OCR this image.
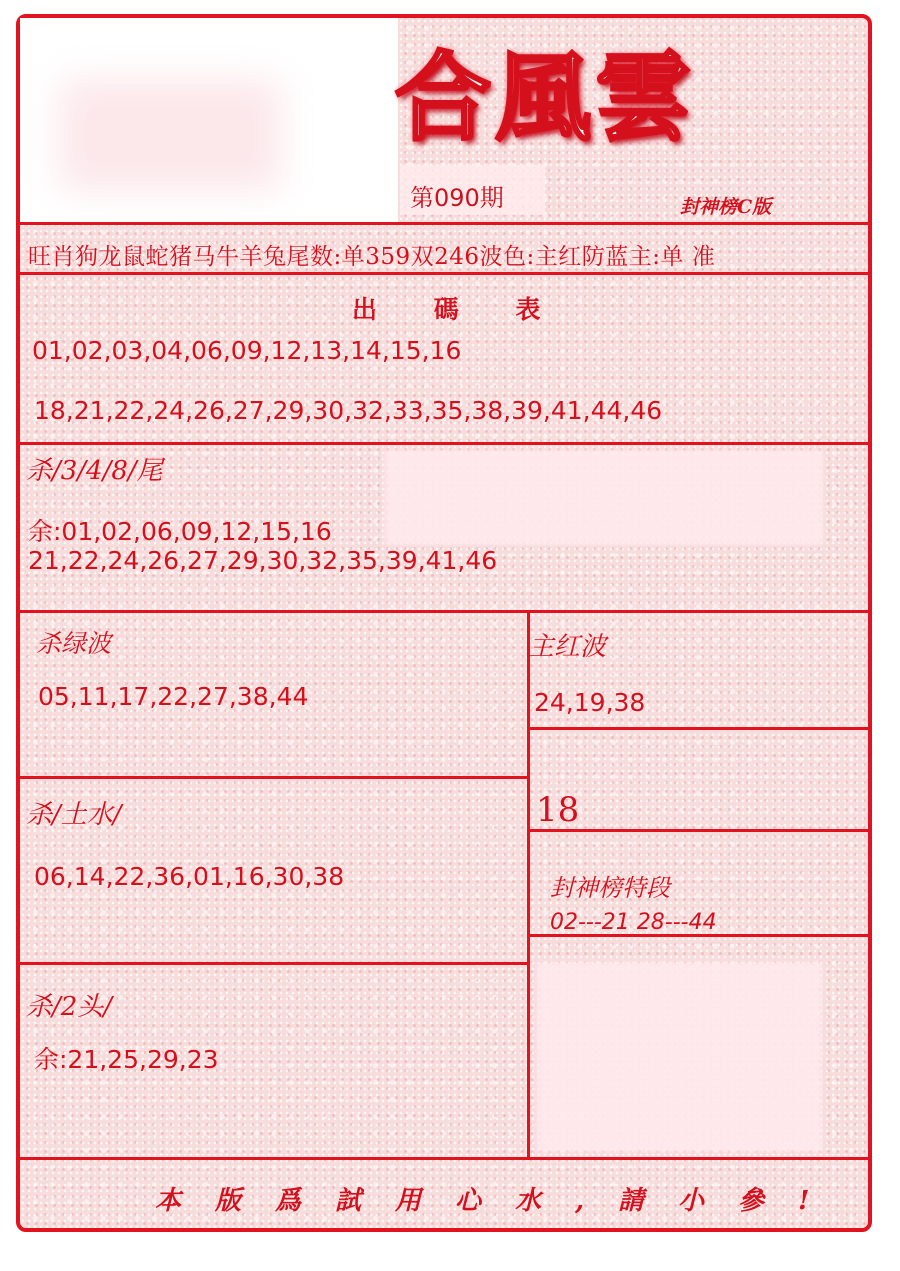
合風雲
第090期	封神榜C版
旺肖狗龙鼠蛇猪马牛羊兔尾数:单359双246波色:主红防蓝主:单 准
出 碼 表
01,02,03,04,06,09,12,13,14,15,16
18,21,22,24,26,27,29,30,32,33,35,38,39,41,44,46
杀/3/4/8/尾
余:01,02,06,09,12,15,16
21,22,24,26,27,29,30,32,35,39,41,46
杀绿波
05,11,17,22,27,38,44
主红波
24,19,38
18
杀/土水/
06,14,22,36,01,16,30,38	封神榜特段
02---21 28---44
杀/2头/
余:21,25,29,23
本版爲試用心水,請小參!
